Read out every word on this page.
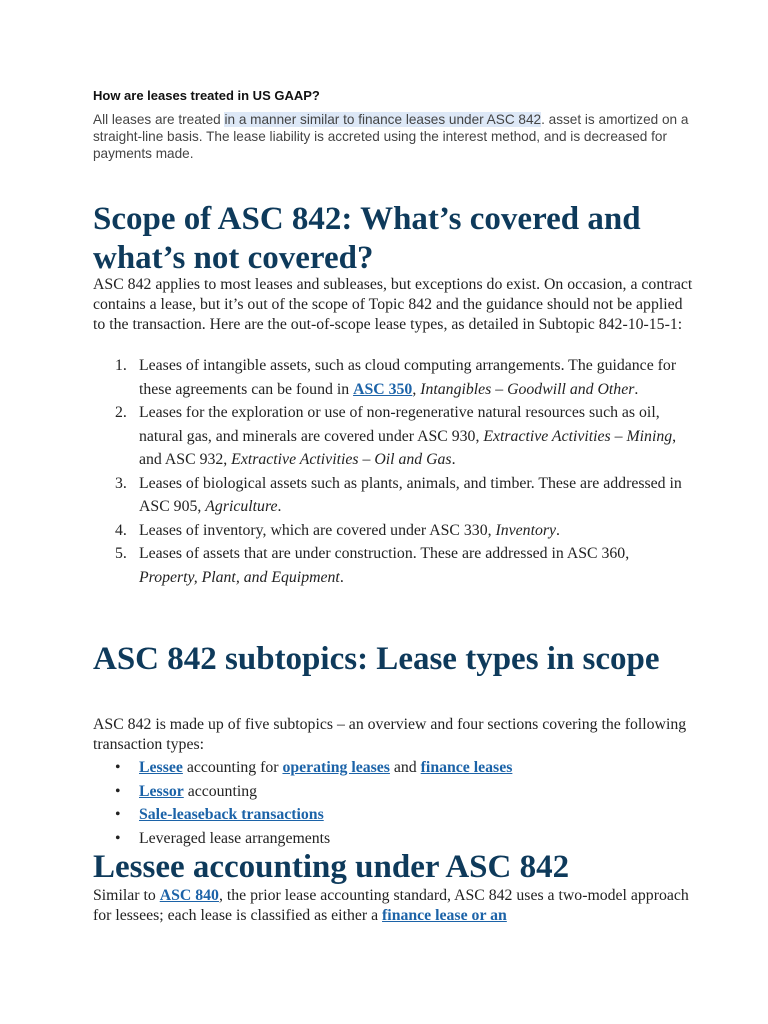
How are leases treated in US GAAP?

All leases are treated in a manner similar to finance leases under ASC 842. asset is amortized on a straight-line basis. The lease liability is accreted using the interest method, and is decreased for payments made.

Scope of ASC 842: What’s covered and what’s not covered?

ASC 842 applies to most leases and subleases, but exceptions do exist. On occasion, a contract contains a lease, but it’s out of the scope of Topic 842 and the guidance should not be applied to the transaction. Here are the out-of-scope lease types, as detailed in Subtopic 842-10-15-1:

1. Leases of intangible assets, such as cloud computing arrangements. The guidance for these agreements can be found in ASC 350, Intangibles – Goodwill and Other.
2. Leases for the exploration or use of non-regenerative natural resources such as oil, natural gas, and minerals are covered under ASC 930, Extractive Activities – Mining, and ASC 932, Extractive Activities – Oil and Gas.
3. Leases of biological assets such as plants, animals, and timber. These are addressed in ASC 905, Agriculture.
4. Leases of inventory, which are covered under ASC 330, Inventory.
5. Leases of assets that are under construction. These are addressed in ASC 360, Property, Plant, and Equipment.
ASC 842 subtopics: Lease types in scope

ASC 842 is made up of five subtopics – an overview and four sections covering the following transaction types:

• Lessee accounting for operating leases and finance leases
• Lessor accounting
• Sale-leaseback transactions
• Leveraged lease arrangements
Lessee accounting under ASC 842

Similar to ASC 840, the prior lease accounting standard, ASC 842 uses a two-model approach for lessees; each lease is classified as either a finance lease or an
